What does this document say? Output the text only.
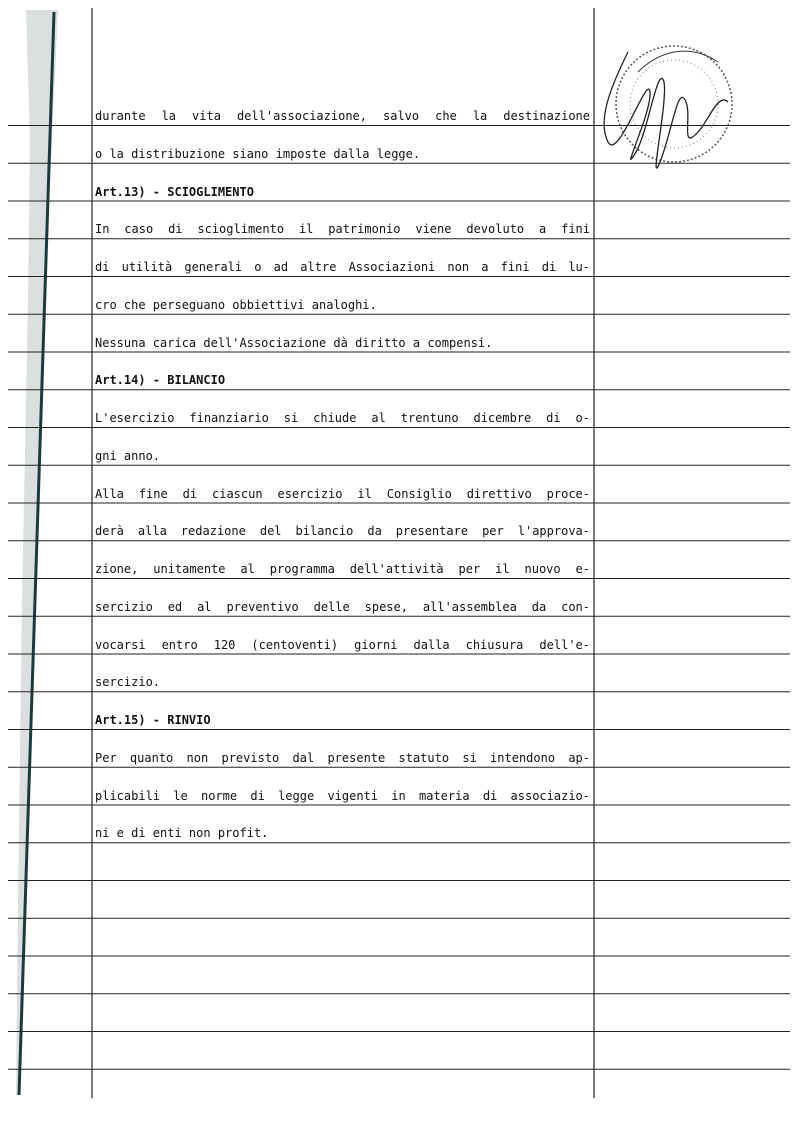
durante la vita dell'associazione, salvo che la destinazione
o la distribuzione siano imposte dalla legge.
Art.13) - SCIOGLIMENTO
In caso di scioglimento il patrimonio viene devoluto a fini
di utilità generali o ad altre Associazioni non a fini di lu-
cro che perseguano obbiettivi analoghi.
Nessuna carica dell'Associazione dà diritto a compensi.
Art.14) - BILANCIO
L'esercizio finanziario si chiude al trentuno dicembre di o-
gni anno.
Alla fine di ciascun esercizio il Consiglio direttivo proce-
derà alla redazione del bilancio da presentare per l'approva-
zione, unitamente al programma dell'attività per il nuovo e-
sercizio ed al preventivo delle spese, all'assemblea da con-
vocarsi entro 120 (centoventi) giorni dalla chiusura dell'e-
sercizio.
Art.15) - RINVIO
Per quanto non previsto dal presente statuto si intendono ap-
plicabili le norme di legge vigenti in materia di associazio-
ni e di enti non profit.
